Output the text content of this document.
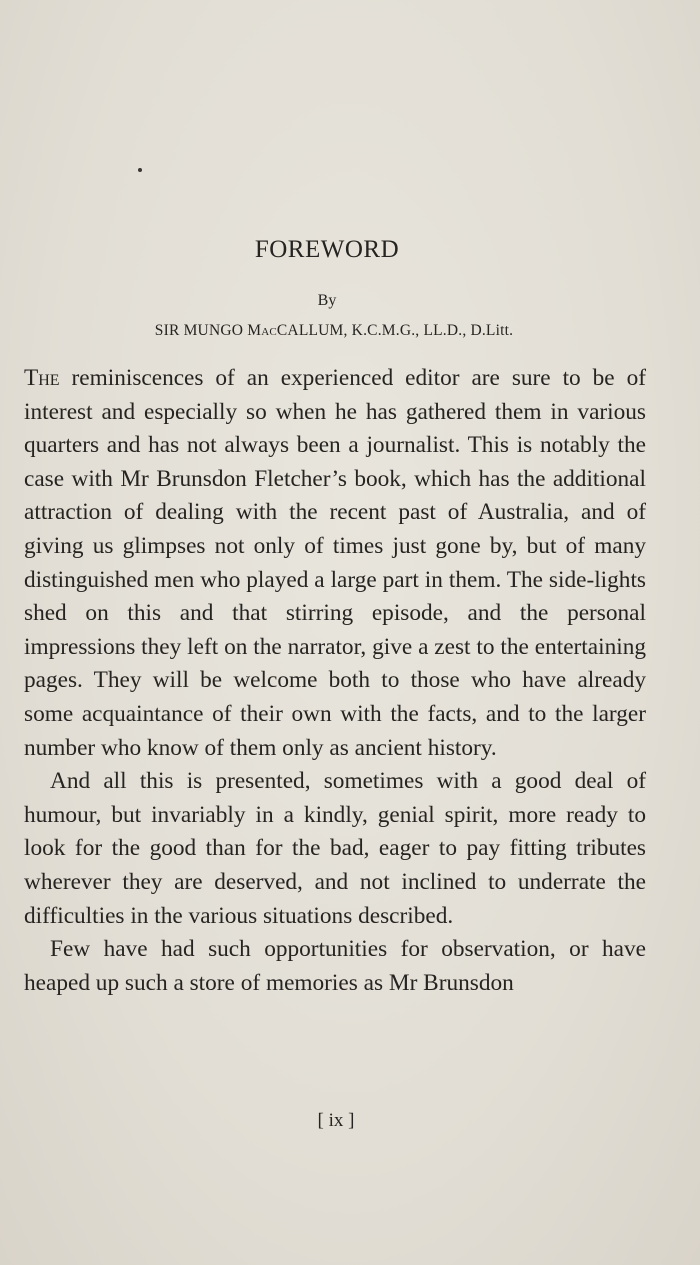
FOREWORD

By

SIR MUNGO MacCALLUM, K.C.M.G., LL.D., D.Litt.

The reminiscences of an experienced editor are sure to be of interest and especially so when he has gathered them in various quarters and has not always been a journalist. This is notably the case with Mr Brunsdon Fletcher’s book, which has the additional attraction of dealing with the recent past of Australia, and of giving us glimpses not only of times just gone by, but of many distinguished men who played a large part in them. The side-lights shed on this and that stirring episode, and the personal impressions they left on the narrator, give a zest to the entertaining pages. They will be welcome both to those who have already some acquaintance of their own with the facts, and to the larger number who know of them only as ancient history.

And all this is presented, sometimes with a good deal of humour, but invariably in a kindly, genial spirit, more ready to look for the good than for the bad, eager to pay fitting tributes wherever they are deserved, and not inclined to underrate the difficulties in the various situations described.

Few have had such opportunities for observation, or have heaped up such a store of memories as Mr Brunsdon

[ ix ]
